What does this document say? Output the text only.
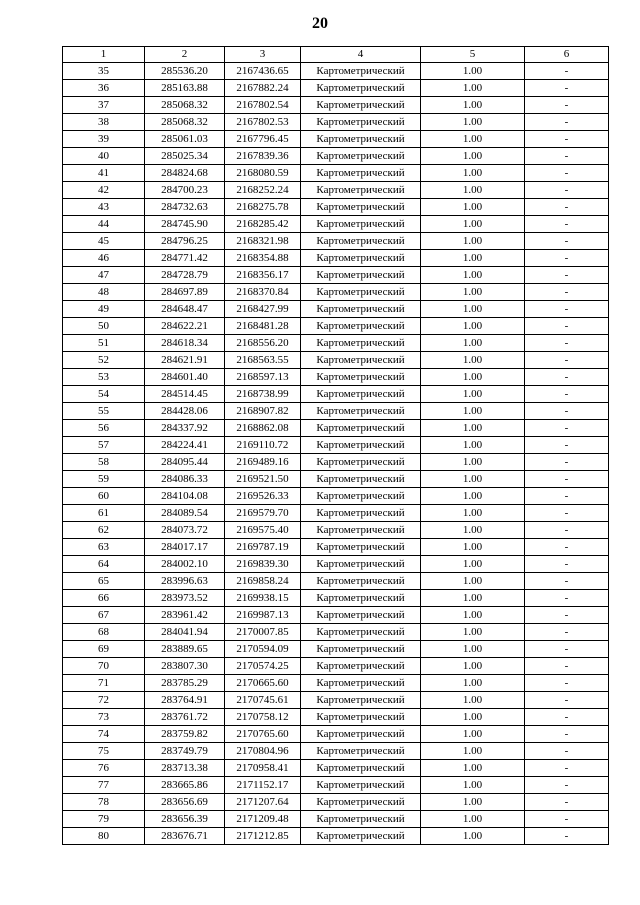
20
1	2	3	4	5	6
35	285536.20	2167436.65	Картометрический	1.00	-
36	285163.88	2167882.24	Картометрический	1.00	-
37	285068.32	2167802.54	Картометрический	1.00	-
38	285068.32	2167802.53	Картометрический	1.00	-
39	285061.03	2167796.45	Картометрический	1.00	-
40	285025.34	2167839.36	Картометрический	1.00	-
41	284824.68	2168080.59	Картометрический	1.00	-
42	284700.23	2168252.24	Картометрический	1.00	-
43	284732.63	2168275.78	Картометрический	1.00	-
44	284745.90	2168285.42	Картометрический	1.00	-
45	284796.25	2168321.98	Картометрический	1.00	-
46	284771.42	2168354.88	Картометрический	1.00	-
47	284728.79	2168356.17	Картометрический	1.00	-
48	284697.89	2168370.84	Картометрический	1.00	-
49	284648.47	2168427.99	Картометрический	1.00	-
50	284622.21	2168481.28	Картометрический	1.00	-
51	284618.34	2168556.20	Картометрический	1.00	-
52	284621.91	2168563.55	Картометрический	1.00	-
53	284601.40	2168597.13	Картометрический	1.00	-
54	284514.45	2168738.99	Картометрический	1.00	-
55	284428.06	2168907.82	Картометрический	1.00	-
56	284337.92	2168862.08	Картометрический	1.00	-
57	284224.41	2169110.72	Картометрический	1.00	-
58	284095.44	2169489.16	Картометрический	1.00	-
59	284086.33	2169521.50	Картометрический	1.00	-
60	284104.08	2169526.33	Картометрический	1.00	-
61	284089.54	2169579.70	Картометрический	1.00	-
62	284073.72	2169575.40	Картометрический	1.00	-
63	284017.17	2169787.19	Картометрический	1.00	-
64	284002.10	2169839.30	Картометрический	1.00	-
65	283996.63	2169858.24	Картометрический	1.00	-
66	283973.52	2169938.15	Картометрический	1.00	-
67	283961.42	2169987.13	Картометрический	1.00	-
68	284041.94	2170007.85	Картометрический	1.00	-
69	283889.65	2170594.09	Картометрический	1.00	-
70	283807.30	2170574.25	Картометрический	1.00	-
71	283785.29	2170665.60	Картометрический	1.00	-
72	283764.91	2170745.61	Картометрический	1.00	-
73	283761.72	2170758.12	Картометрический	1.00	-
74	283759.82	2170765.60	Картометрический	1.00	-
75	283749.79	2170804.96	Картометрический	1.00	-
76	283713.38	2170958.41	Картометрический	1.00	-
77	283665.86	2171152.17	Картометрический	1.00	-
78	283656.69	2171207.64	Картометрический	1.00	-
79	283656.39	2171209.48	Картометрический	1.00	-
80	283676.71	2171212.85	Картометрический	1.00	-
